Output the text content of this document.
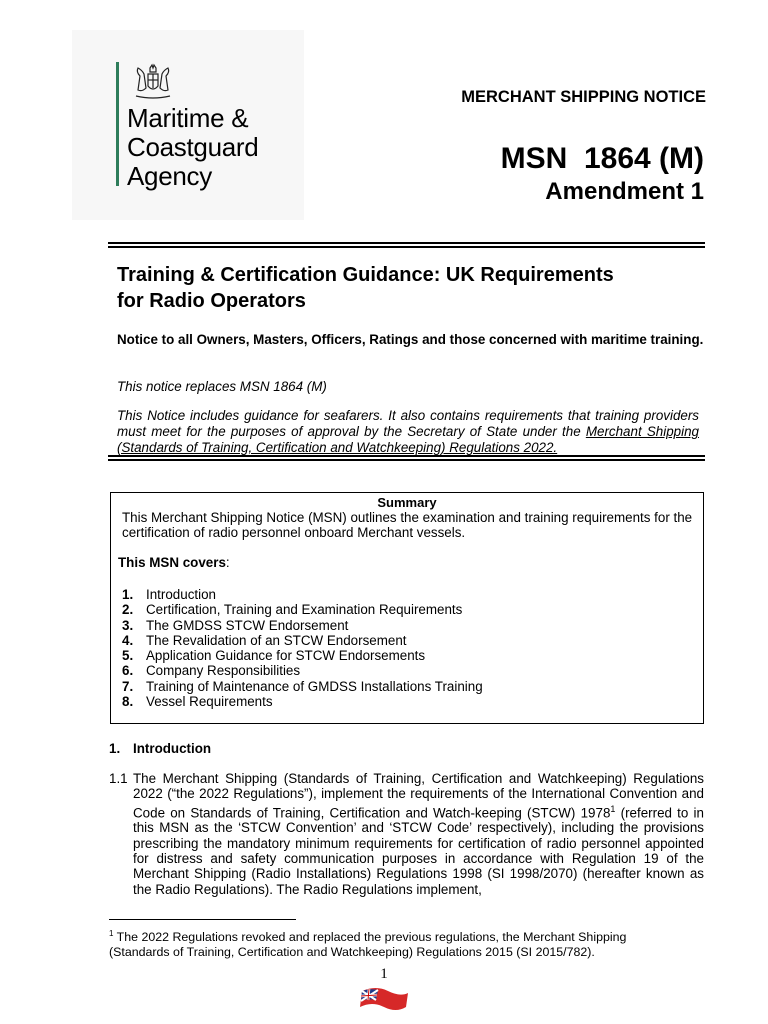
Maritime &
Coastguard
Agency
MERCHANT SHIPPING NOTICE
MSN  1864 (M)
Amendment 1
Training & Certification Guidance: UK Requirements
for Radio Operators
Notice to all Owners, Masters, Officers, Ratings and those concerned with maritime training.
This notice replaces MSN 1864 (M)
This Notice includes guidance for seafarers. It also contains requirements that training providers must meet for the purposes of approval by the Secretary of State under the Merchant Shipping (Standards of Training, Certification and Watchkeeping) Regulations 2022.
Summary
This Merchant Shipping Notice (MSN) outlines the examination and training requirements for the certification of radio personnel onboard Merchant vessels.
This MSN covers:
1. Introduction
2. Certification, Training and Examination Requirements
3. The GMDSS STCW Endorsement
4. The Revalidation of an STCW Endorsement
5. Application Guidance for STCW Endorsements
6. Company Responsibilities
7. Training of Maintenance of GMDSS Installations Training
8. Vessel Requirements
1. Introduction
1.1 The Merchant Shipping (Standards of Training, Certification and Watchkeeping) Regulations 2022 (“the 2022 Regulations”), implement the requirements of the International Convention and Code on Standards of Training, Certification and Watch-keeping (STCW) 1978$^1$ (referred to in this MSN as the ‘STCW Convention’ and ‘STCW Code’ respectively), including the provisions prescribing the mandatory minimum requirements for certification of radio personnel appointed for distress and safety communication purposes in accordance with Regulation 19 of the Merchant Shipping (Radio Installations) Regulations 1998 (SI 1998/2070) (hereafter known as the Radio Regulations). The Radio Regulations implement,
$^1$ The 2022 Regulations revoked and replaced the previous regulations, the Merchant Shipping (Standards of Training, Certification and Watchkeeping) Regulations 2015 (SI 2015/782).
1
